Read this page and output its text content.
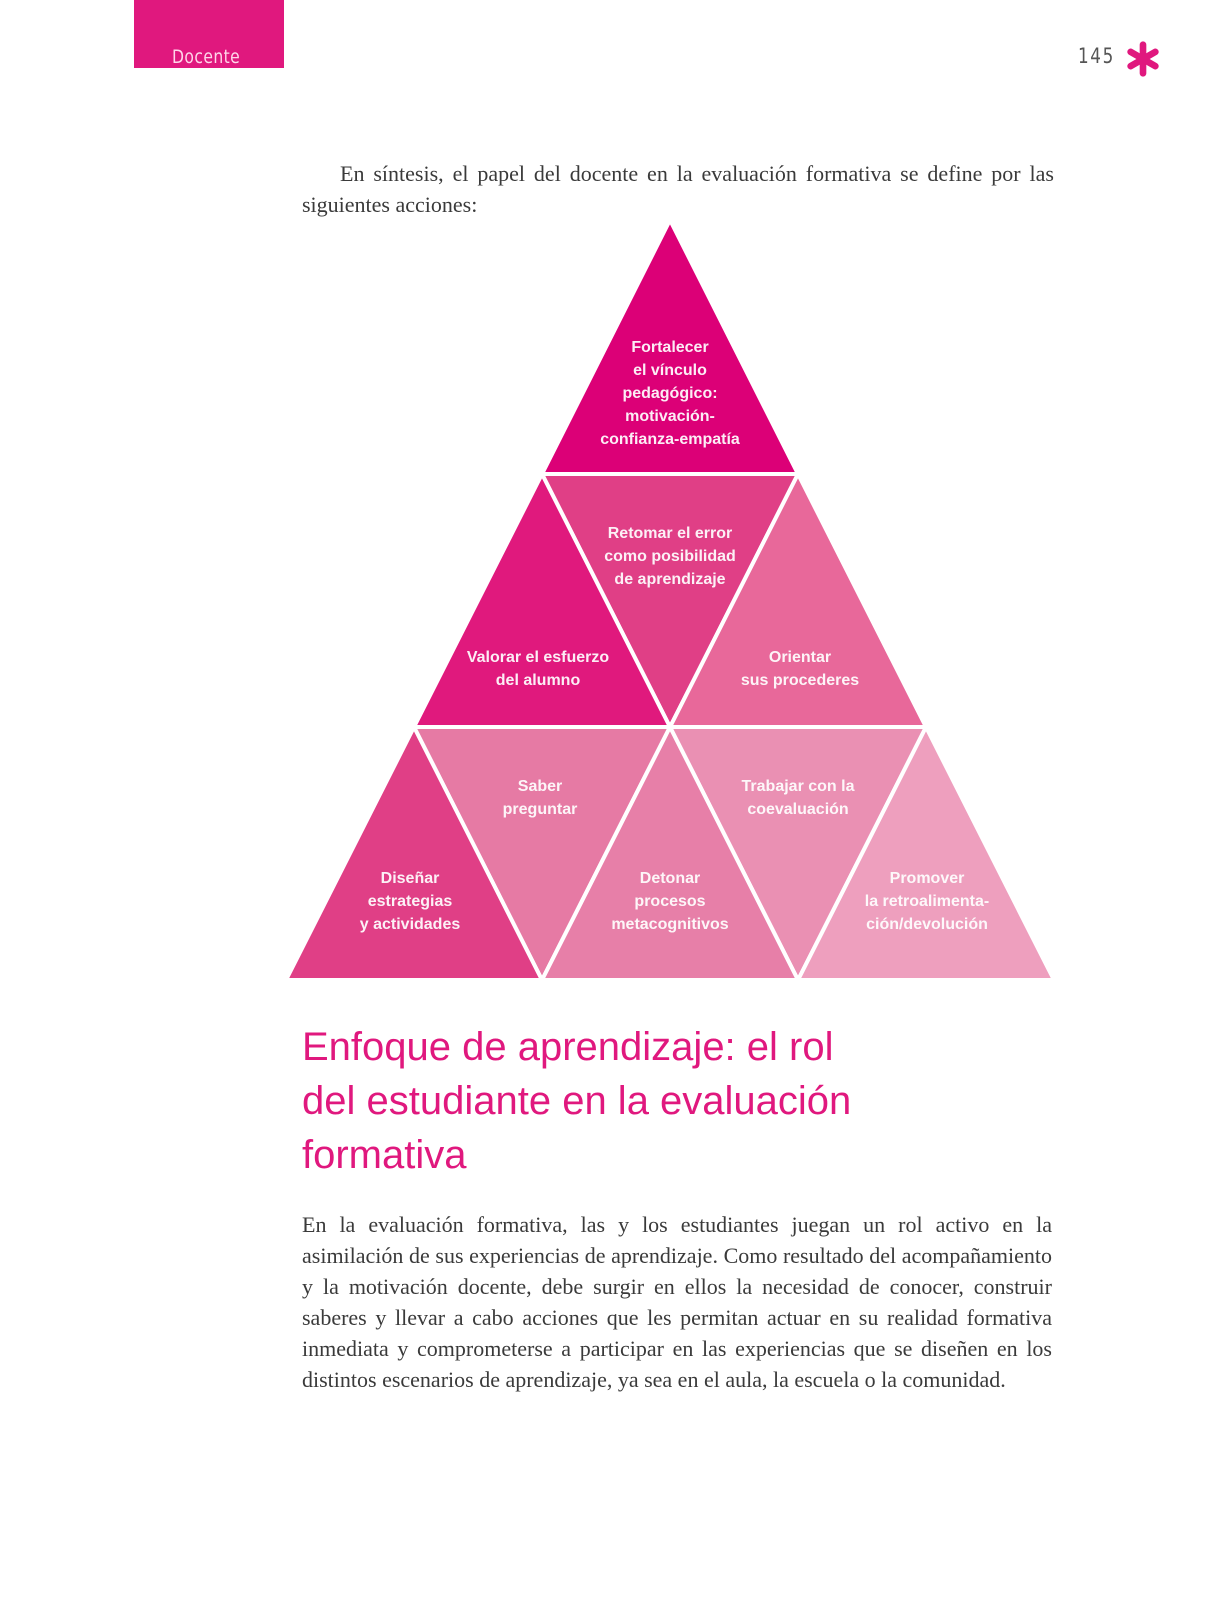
Docente	145

En síntesis, el papel del docente en la evaluación formativa se define por las siguientes acciones:

Fortalecer
el vínculo
pedagógico:
motivación-
confianza-empatía
Retomar el error
como posibilidad
de aprendizaje
Valorar el esfuerzo
del alumno
Orientar
sus procederes
Saber
preguntar
Trabajar con la
coevaluación
Diseñar
estrategias
y actividades
Detonar
procesos
metacognitivos
Promover
la retroalimenta-
ción/devolución
Enfoque de aprendizaje: el rol
del estudiante en la evaluación
formativa

En la evaluación formativa, las y los estudiantes juegan un rol activo en la asimilación de sus experiencias de aprendizaje. Como resultado del acompañamiento y la motivación docente, debe surgir en ellos la necesidad de conocer, construir saberes y llevar a cabo acciones que les permitan actuar en su realidad formativa inmediata y comprometerse a participar en las experiencias que se diseñen en los distintos escenarios de aprendizaje, ya sea en el aula, la escuela o la comunidad.
